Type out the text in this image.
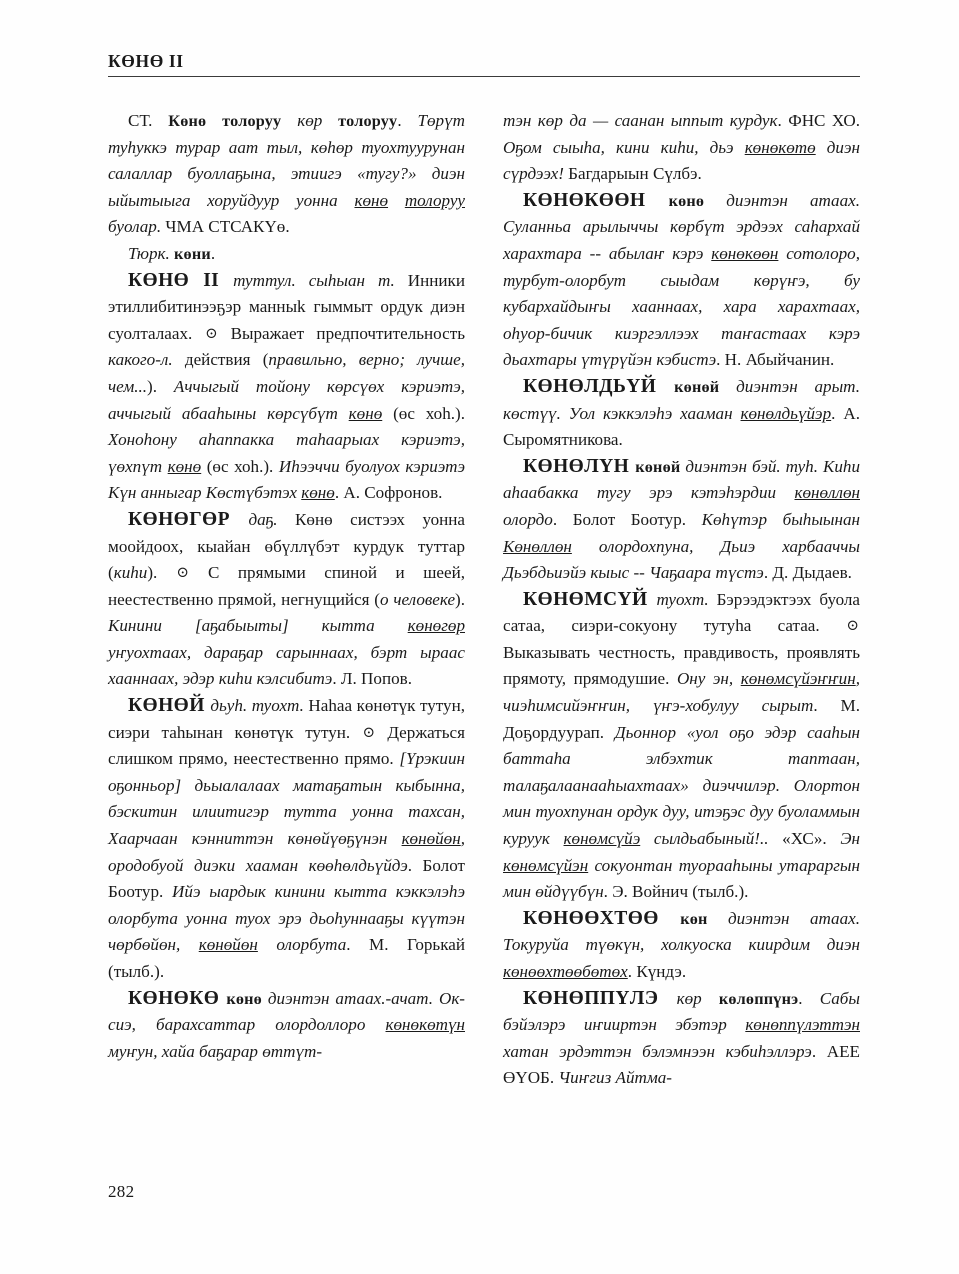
КӨНӨ II

СТ. Көнө толоруу көр толоруу. Төрүт туһуккэ турар аат тыл, көһөр туохтуурунан салаллар буоллаҕына, этиигэ «тугу?» диэн ыйытыыга хоруйдуур уонна көнө толоруу буолар. ЧМА СТСАКҮө.

Тюрк. көни.

КӨНӨ II туттул. сыһыан т. Инники этиллибитинээҕэр манныk гыммыт ордук диэн суолталаах. ⊙ Выражает предпочтительность какого-л. действия (правильно, верно; лучше, чем...). Аччыгый тойону көрсүөх кэриэтэ, аччыгый абааһыны көрсүбүт көнө (өс хоһ.). Хоноһону аһаппакка таһаарыах кэриэтэ, үөхпүт көнө (өс хоһ.). Иһээччи буолуох кэриэтэ Күн анныгар Көстүбэтэх көнө. А. Софронов.

КӨНӨГӨР даҕ. Көнө систээх уонна моойдоох, кыайан өбүллүбэт курдук туттар (киһи). ⊙ С прямыми спиной и шеей, неестественно прямой, негнущийся (о человеке). Кинини [аҕабыыты] кытта көнөгөр уҥуохтаах, дараҕар сарыннаах, бэрт ыраас хааннаах, эдэр киһи кэлсибитэ. Л. Попов.

КӨНӨЙ дьуһ. туохт. Наһаа көнөтүк тутун, сиэри таһынан көнөтүк тутун. ⊙ Держаться слишком прямо, неестественно прямо. [Үрэкиин оҕонньор] дьыалалаах матаҕатын кыбынна, бэскитин илиитигэр тутта уонна тахсан, Хаарчаан кэнниттэн көнөйүөҕүнэн көнөйөн, ородобуой диэки хааман көөһөлдьүйдэ. Болот Боотур. Ийэ ыардык кинини кытта кэккэлэһэ олорбута уонна туох эрэ дьоһуннааҕы күүтэн чөрбөйөн, көнөйөн олорбута. М. Горькай (тылб.).

КӨНӨКӨ көнө диэнтэн атаах.-ачат. Ок-сиэ, барахсаттар олордоллоро көнөкөтүн муҥун, хайа баҕарар өттүт-

тэн көр да — саанан ыппыт курдук. ФНС ХО. Оҕом сыыһа, кини киһи, дьэ көнөкөтө диэн сүрдээх! Багдарыын Сүлбэ.

КӨНӨКӨӨН көнө диэнтэн атаах. Суланньа арылыччы көрбүт эрдээх саһархай харахтара -- абылаҥ кэрэ көнөкөөн сотолоро, турбут-олорбут сыыдам көрүҥэ, бу кубархайдыҥы хааннаах, хара харахтаах, оһуор-бичик киэргэллээх таҥастаах кэрэ дьахтары үтүрүйэн кэбистэ. Н. Абыйчанин.

КӨНӨЛДЬҮЙ көнөй диэнтэн арыт. көстүү. Уол кэккэлэһэ хааман көнөлдьүйэр. А. Сыромятникова.

КӨНӨЛҮН көнөй диэнтэн бэй. туһ. Киһи аһаабакка тугу эрэ кэтэһэрдии көнөллөн олордо. Болот Боотур. Көһүтэр быһыынан Көнөллөн олордохпуна, Дьиэ харбааччы Дьэбдьиэйэ кыыс -- Чаҕаара түстэ. Д. Дыдаев.

КӨНӨМСҮЙ туохт. Бэрээдэктээх буола сатаа, сиэри-сокуону тутуһа сатаа. ⊙ Выказывать честность, правдивость, проявлять прямоту, прямодушие. Ону эн, көнөмсүйэҥҥин, чиэһимсийэҥҥин, үҥэ-хобулуу сырыт. М. Доҕордуурап. Дьоннор «уол оҕо эдэр сааһын баттаһа элбэхтик таптаан, талаҕалаанааһыахтаах» диэччилэр. Олортон мин туохпунан ордук дуу, итэҕэс дуу буоламмын куруук көнөмсүйэ сылдьабыный!.. «ХС». Эн көнөмсүйэн сокуонтан туорааһыны утараргын мин өйдүүбүн. Э. Войнич (тылб.).

КӨНӨӨХТӨӨ көн диэнтэн атаах. Токуруйа түөкүн, холкуоска киирдим диэн көнөөхтөөбөтөх. Күндэ.

КӨНӨППҮЛЭ көр көлөппүнэ. Сабы бэйэлэрэ иҥииртэн эбэтэр көнөппүлэттэн хатан эрдэттэн бэлэмнээн кэбиһэллэрэ. АЕЕ ӨҮОБ. Чиҥгиз Айтма-

282
